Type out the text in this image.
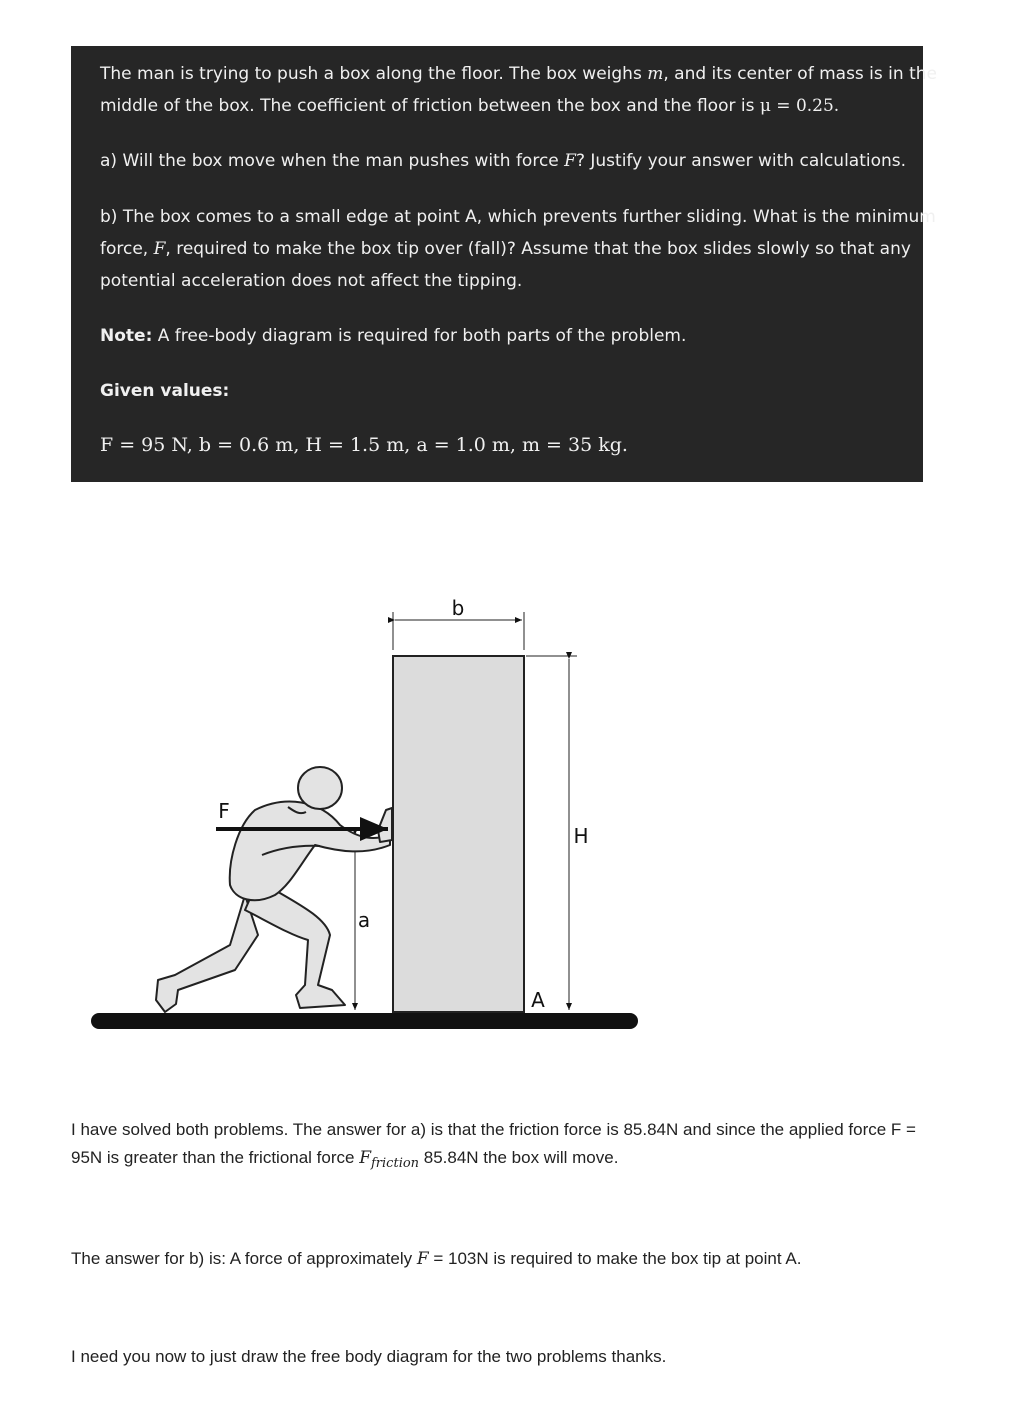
The man is trying to push a box along the floor. The box weighs m, and its center of mass is in the
middle of the box. The coefficient of friction between the box and the floor is μ = 0.25.
a) Will the box move when the man pushes with force F? Justify your answer with calculations.
b) The box comes to a small edge at point A, which prevents further sliding. What is the minimum
force, F, required to make the box tip over (fall)? Assume that the box slides slowly so that any
potential acceleration does not affect the tipping.
Note: A free-body diagram is required for both parts of the problem.
Given values:
F = 95 N, b = 0.6 m, H = 1.5 m, a = 1.0 m, m = 35 kg.
b
H
a
A
F
I have solved both problems. The answer for a) is that the friction force is 85.84N and since the applied force F =
95N is greater than the frictional force $F_{friction}$ 85.84N the box will move.
The answer for b) is: A force of approximately F = 103N is required to make the box tip at point A.
I need you now to just draw the free body diagram for the two problems thanks.
